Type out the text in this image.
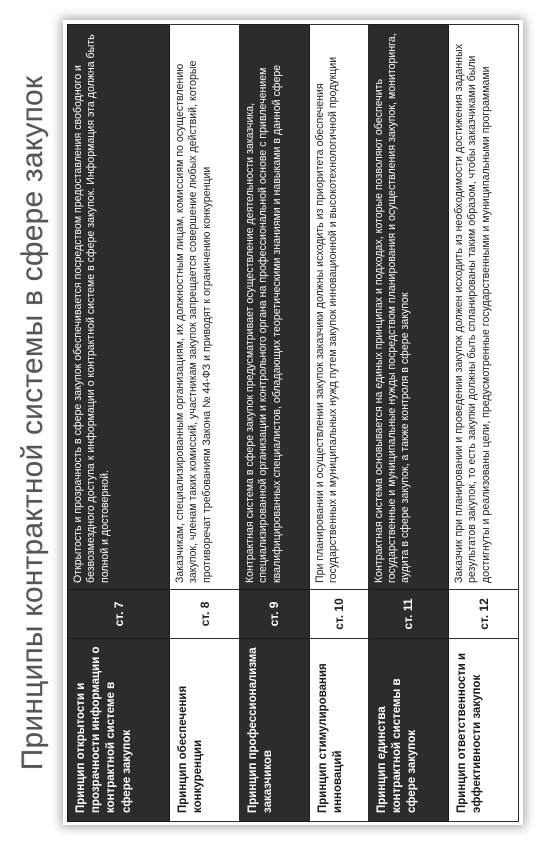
Принципы контрактной системы в сфере закупок	Принцип открытости и прозрачности информации о контрактной системе в сфере закупок	ст. 7	Открытость и прозрачность в сфере закупок обеспечивается посредством предоставления свободного и безвозмездного доступа к информации о контрактной системе в сфере закупок. Информация эта должна быть полной и достоверной.
Принцип обеспечения конкуренции	ст. 8	Заказчикам, специализированным организациям, их должностным лицам, комиссиям по осуществлению закупок, членам таких комиссий, участникам закупок запрещается совершение любых действий, которые противоречат требованиям Закона № 44-ФЗ и приводят к ограничению конкуренции
Принцип профессионализма заказчиков	ст. 9	Контрактная система в сфере закупок предусматривает осуществление деятельности заказчика, специализированной организации и контрольного органа на профессиональной основе с привлечением квалифицированных специалистов, обладающих теоретическими знаниями и навыками в данной сфере
Принцип стимулирования инноваций	ст. 10	При планировании и осуществлении закупок заказчики должны исходить из приоритета обеспечения государственных и муниципальных нужд путем закупок инновационной и высокотехнологичной продукции
Принцип единства контрактной системы в сфере закупок	ст. 11	Контрактная система основывается на единых принципах и подходах, которые позволяют обеспечить государственные и муниципальные нужды посредством планирования и осуществления закупок, мониторинга, аудита в сфере закупок, а также контроля в сфере закупок
Принцип ответственности и эффективности закупок	ст. 12	Заказчик при планировании и проведении закупок должен исходить из необходимости достижения заданных результатов закупок, то есть закупки должны быть спланированы таким образом, чтобы заказчиками были достигнуты и реализованы цели, предусмотренные государственными и муниципальными программами
